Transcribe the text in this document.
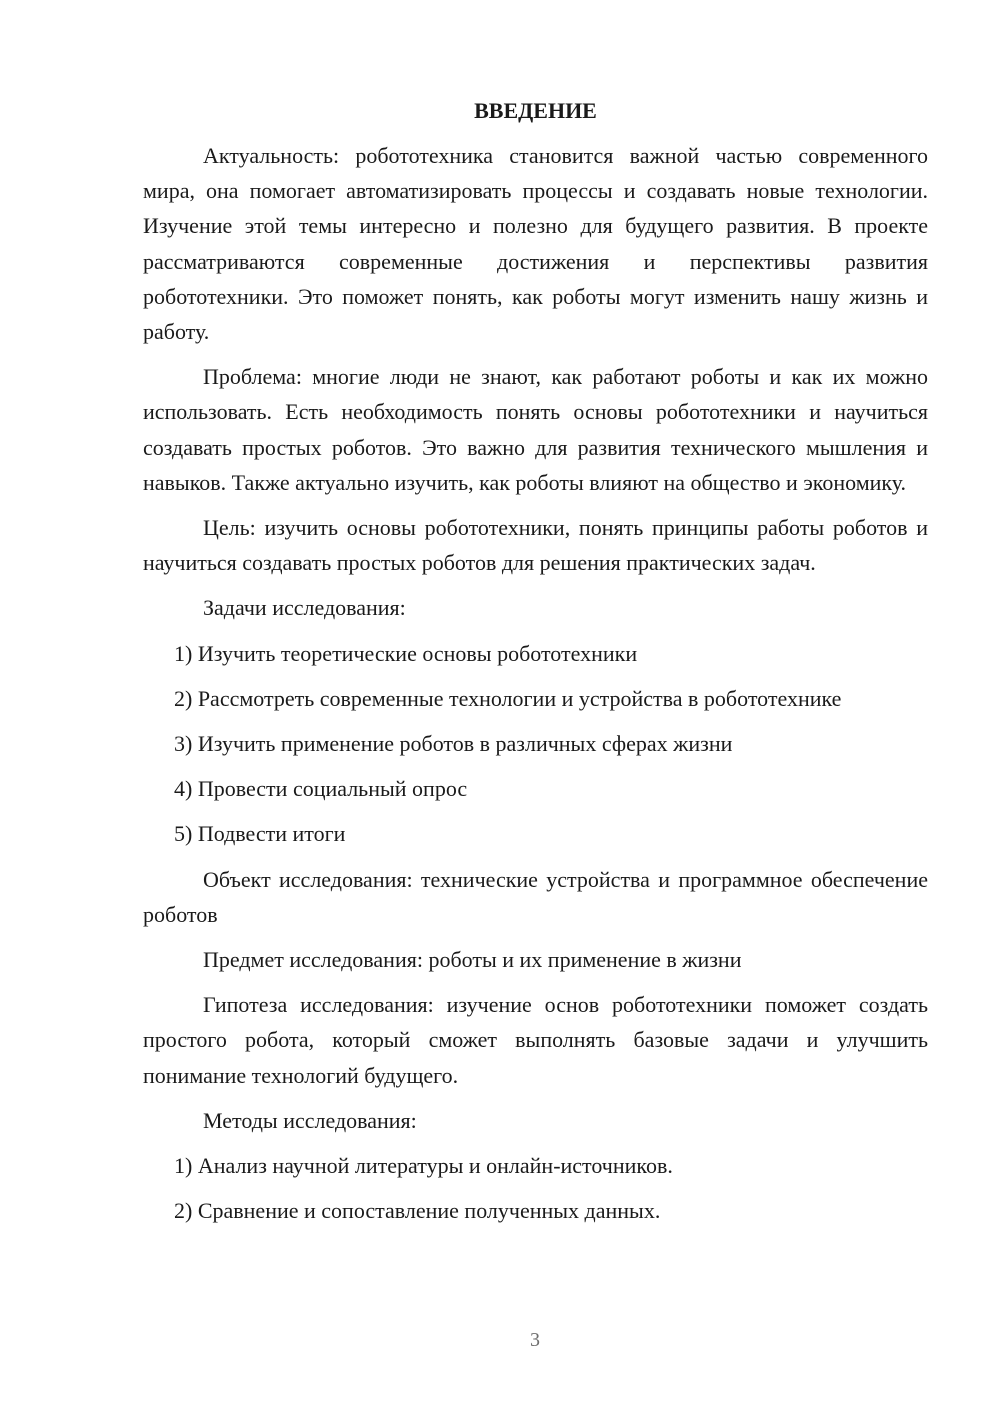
ВВЕДЕНИЕ

Актуальность: робототехника становится важной частью современного мира, она помогает автоматизировать процессы и создавать новые технологии. Изучение этой темы интересно и полезно для будущего развития. В проекте рассматриваются современные достижения и перспективы развития робототехники. Это поможет понять, как роботы могут изменить нашу жизнь и работу.

Проблема: многие люди не знают, как работают роботы и как их можно использовать. Есть необходимость понять основы робототехники и научиться создавать простых роботов. Это важно для развития технического мышления и навыков. Также актуально изучить, как роботы влияют на общество и экономику.

Цель: изучить основы робототехники, понять принципы работы роботов и научиться создавать простых роботов для решения практических задач.

Задачи исследования:

1) Изучить теоретические основы робототехники
2) Рассмотреть современные технологии и устройства в робототехнике
3) Изучить применение роботов в различных сферах жизни
4) Провести социальный опрос
5) Подвести итоги

Объект исследования: технические устройства и программное обеспечение роботов

Предмет исследования: роботы и их применение в жизни

Гипотеза исследования: изучение основ робототехники поможет создать простого робота, который сможет выполнять базовые задачи и улучшить понимание технологий будущего.

Методы исследования:

1) Анализ научной литературы и онлайн-источников.
2) Сравнение и сопоставление полученных данных.
3
